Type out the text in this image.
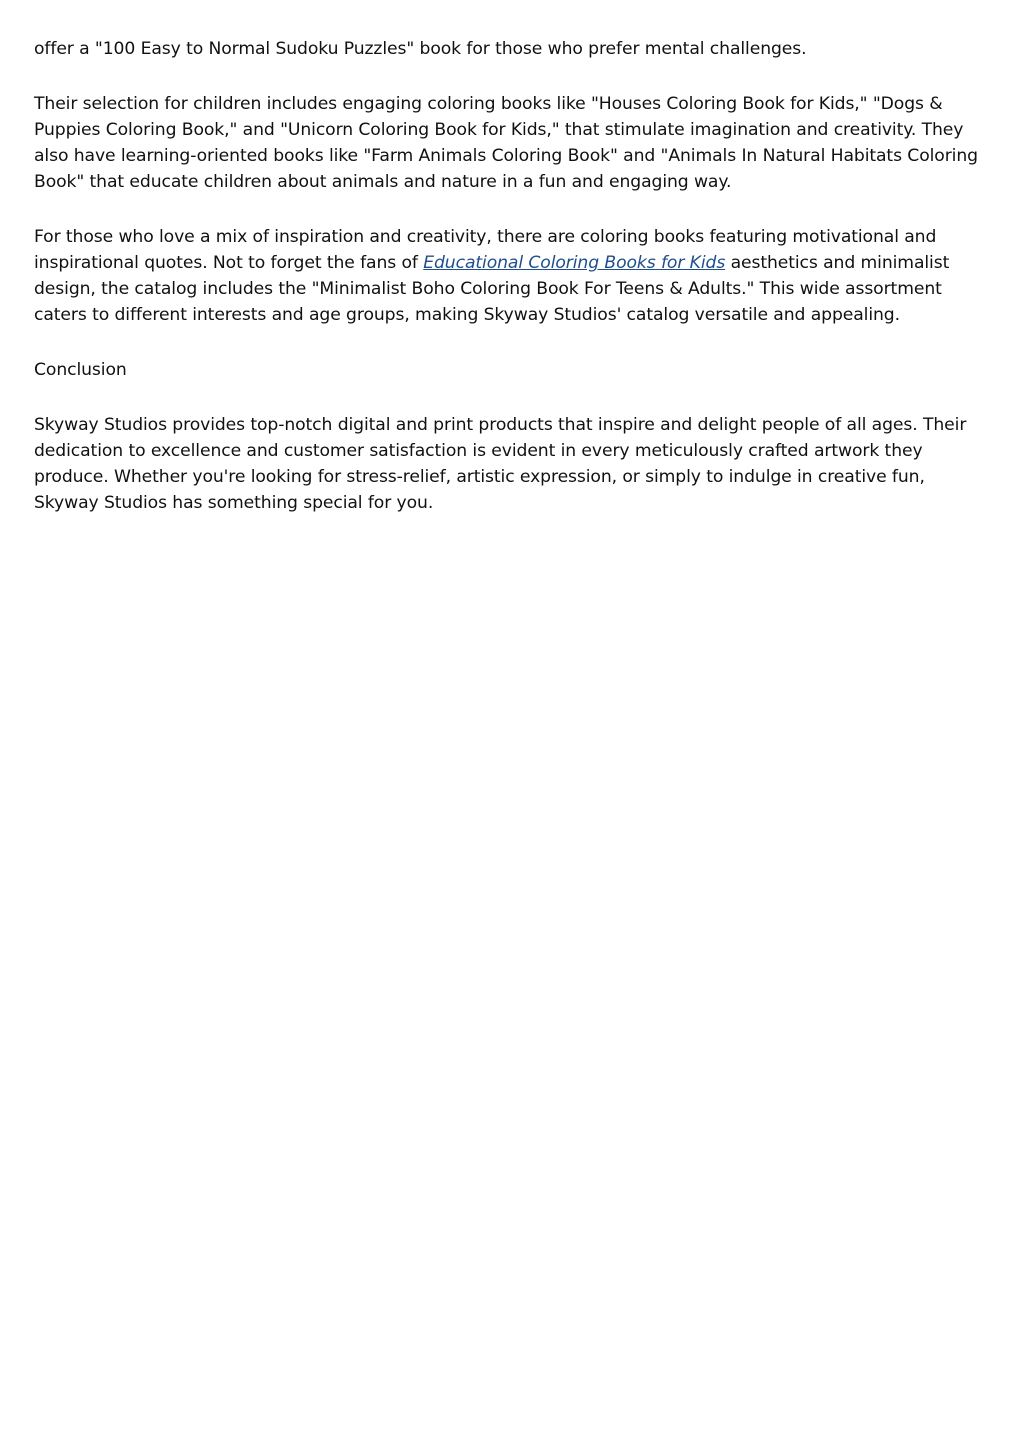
offer a "100 Easy to Normal Sudoku Puzzles" book for those who prefer mental challenges.

Their selection for children includes engaging coloring books like "Houses Coloring Book for Kids," "Dogs & Puppies Coloring Book," and "Unicorn Coloring Book for Kids," that stimulate imagination and creativity. They also have learning-oriented books like "Farm Animals Coloring Book" and "Animals In Natural Habitats Coloring Book" that educate children about animals and nature in a fun and engaging way.

For those who love a mix of inspiration and creativity, there are coloring books featuring motivational and inspirational quotes. Not to forget the fans of Educational Coloring Books for Kids aesthetics and minimalist design, the catalog includes the "Minimalist Boho Coloring Book For Teens & Adults." This wide assortment caters to different interests and age groups, making Skyway Studios' catalog versatile and appealing.

Conclusion

Skyway Studios provides top-notch digital and print products that inspire and delight people of all ages. Their dedication to excellence and customer satisfaction is evident in every meticulously crafted artwork they produce. Whether you're looking for stress-relief, artistic expression, or simply to indulge in creative fun, Skyway Studios has something special for you.
